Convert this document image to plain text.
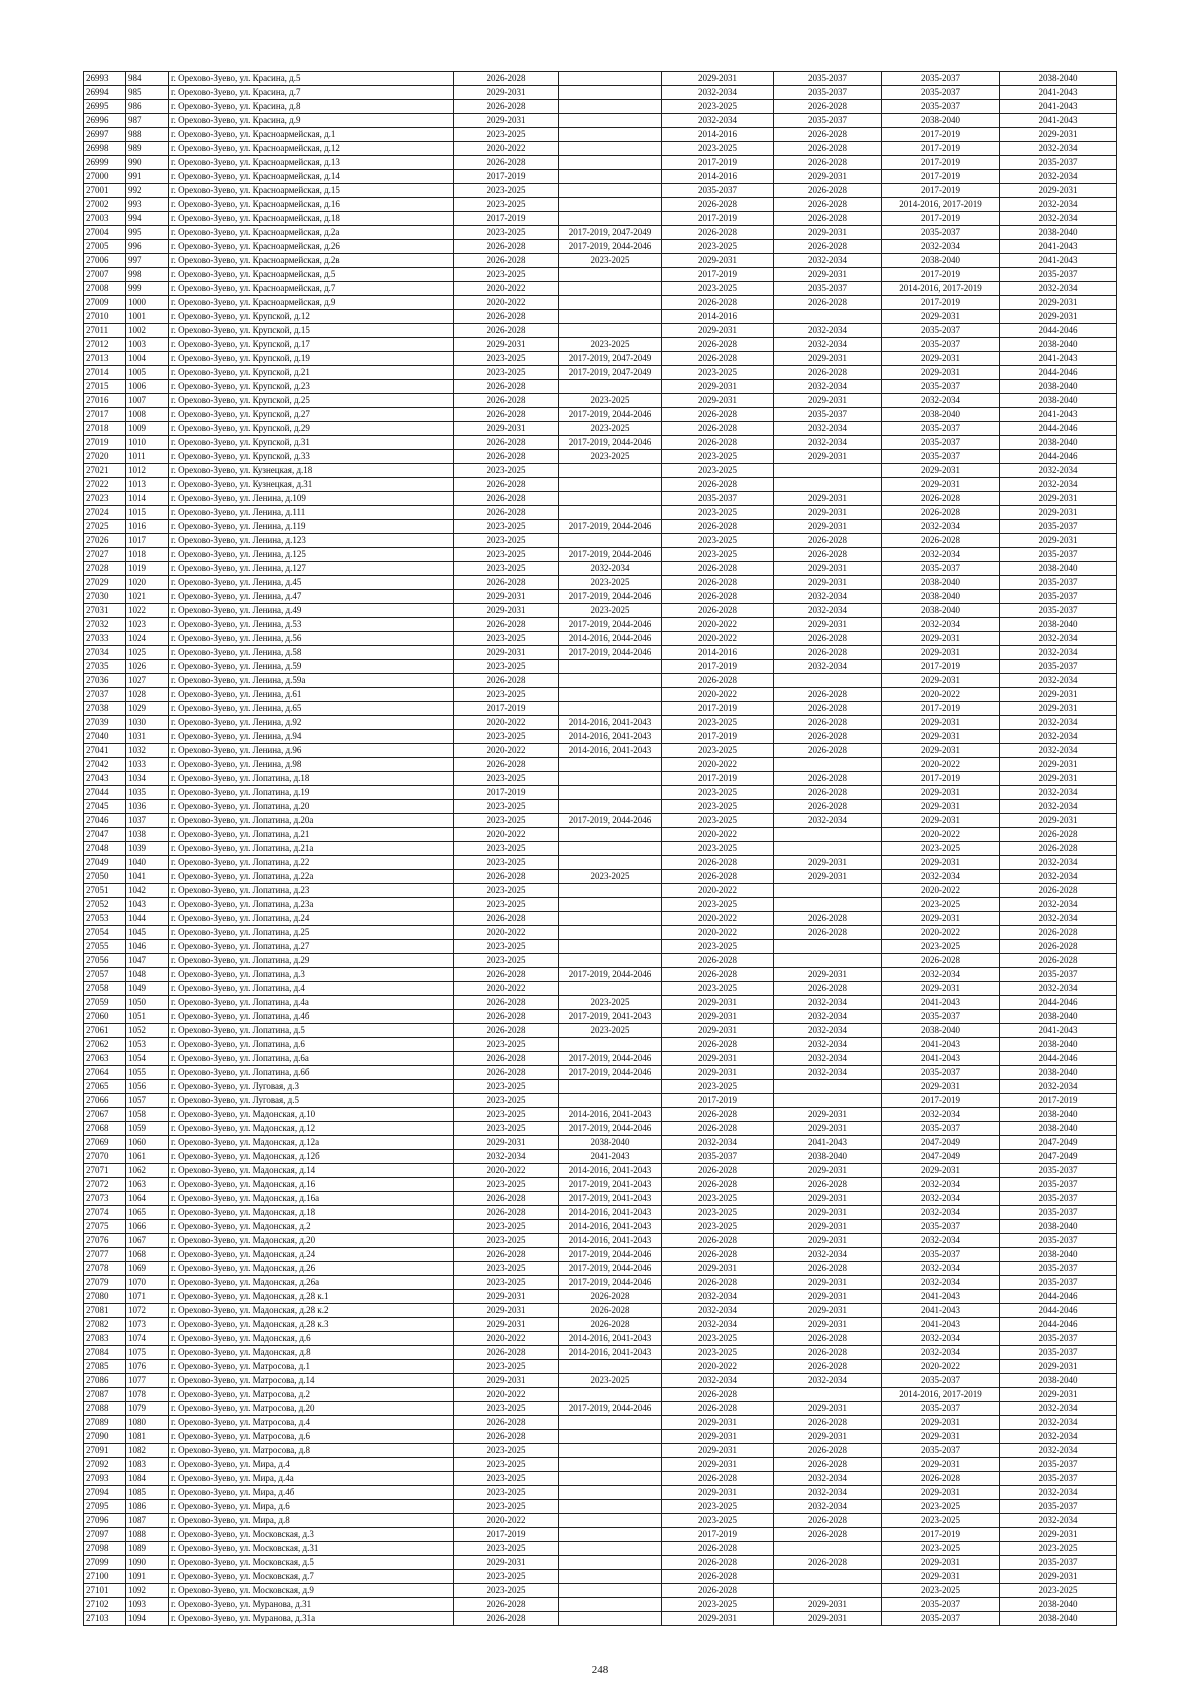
26993	984	г. Орехово-Зуево, ул. Красина, д.5	2026-2028		2029-2031	2035-2037	2035-2037	2038-2040
26994	985	г. Орехово-Зуево, ул. Красина, д.7	2029-2031		2032-2034	2035-2037	2035-2037	2041-2043
26995	986	г. Орехово-Зуево, ул. Красина, д.8	2026-2028		2023-2025	2026-2028	2035-2037	2041-2043
26996	987	г. Орехово-Зуево, ул. Красина, д.9	2029-2031		2032-2034	2035-2037	2038-2040	2041-2043
26997	988	г. Орехово-Зуево, ул. Красноармейская, д.1	2023-2025		2014-2016	2026-2028	2017-2019	2029-2031
26998	989	г. Орехово-Зуево, ул. Красноармейская, д.12	2020-2022		2023-2025	2026-2028	2017-2019	2032-2034
26999	990	г. Орехово-Зуево, ул. Красноармейская, д.13	2026-2028		2017-2019	2026-2028	2017-2019	2035-2037
27000	991	г. Орехово-Зуево, ул. Красноармейская, д.14	2017-2019		2014-2016	2029-2031	2017-2019	2032-2034
27001	992	г. Орехово-Зуево, ул. Красноармейская, д.15	2023-2025		2035-2037	2026-2028	2017-2019	2029-2031
27002	993	г. Орехово-Зуево, ул. Красноармейская, д.16	2023-2025		2026-2028	2026-2028	2014-2016, 2017-2019	2032-2034
27003	994	г. Орехово-Зуево, ул. Красноармейская, д.18	2017-2019		2017-2019	2026-2028	2017-2019	2032-2034
27004	995	г. Орехово-Зуево, ул. Красноармейская, д.2а	2023-2025	2017-2019, 2047-2049	2026-2028	2029-2031	2035-2037	2038-2040
27005	996	г. Орехово-Зуево, ул. Красноармейская, д.26	2026-2028	2017-2019, 2044-2046	2023-2025	2026-2028	2032-2034	2041-2043
27006	997	г. Орехово-Зуево, ул. Красноармейская, д.2в	2026-2028	2023-2025	2029-2031	2032-2034	2038-2040	2041-2043
27007	998	г. Орехово-Зуево, ул. Красноармейская, д.5	2023-2025		2017-2019	2029-2031	2017-2019	2035-2037
27008	999	г. Орехово-Зуево, ул. Красноармейская, д.7	2020-2022		2023-2025	2035-2037	2014-2016, 2017-2019	2032-2034
27009	1000	г. Орехово-Зуево, ул. Красноармейская, д.9	2020-2022		2026-2028	2026-2028	2017-2019	2029-2031
27010	1001	г. Орехово-Зуево, ул. Крупской, д.12	2026-2028		2014-2016		2029-2031	2029-2031
27011	1002	г. Орехово-Зуево, ул. Крупской, д.15	2026-2028		2029-2031	2032-2034	2035-2037	2044-2046
27012	1003	г. Орехово-Зуево, ул. Крупской, д.17	2029-2031	2023-2025	2026-2028	2032-2034	2035-2037	2038-2040
27013	1004	г. Орехово-Зуево, ул. Крупской, д.19	2023-2025	2017-2019, 2047-2049	2026-2028	2029-2031	2029-2031	2041-2043
27014	1005	г. Орехово-Зуево, ул. Крупской, д.21	2023-2025	2017-2019, 2047-2049	2023-2025	2026-2028	2029-2031	2044-2046
27015	1006	г. Орехово-Зуево, ул. Крупской, д.23	2026-2028		2029-2031	2032-2034	2035-2037	2038-2040
27016	1007	г. Орехово-Зуево, ул. Крупской, д.25	2026-2028	2023-2025	2029-2031	2029-2031	2032-2034	2038-2040
27017	1008	г. Орехово-Зуево, ул. Крупской, д.27	2026-2028	2017-2019, 2044-2046	2026-2028	2035-2037	2038-2040	2041-2043
27018	1009	г. Орехово-Зуево, ул. Крупской, д.29	2029-2031	2023-2025	2026-2028	2032-2034	2035-2037	2044-2046
27019	1010	г. Орехово-Зуево, ул. Крупской, д.31	2026-2028	2017-2019, 2044-2046	2026-2028	2032-2034	2035-2037	2038-2040
27020	1011	г. Орехово-Зуево, ул. Крупской, д.33	2026-2028	2023-2025	2023-2025	2029-2031	2035-2037	2044-2046
27021	1012	г. Орехово-Зуево, ул. Кузнецкая, д.18	2023-2025		2023-2025		2029-2031	2032-2034
27022	1013	г. Орехово-Зуево, ул. Кузнецкая, д.31	2026-2028		2026-2028		2029-2031	2032-2034
27023	1014	г. Орехово-Зуево, ул. Ленина, д.109	2026-2028		2035-2037	2029-2031	2026-2028	2029-2031
27024	1015	г. Орехово-Зуево, ул. Ленина, д.111	2026-2028		2023-2025	2029-2031	2026-2028	2029-2031
27025	1016	г. Орехово-Зуево, ул. Ленина, д.119	2023-2025	2017-2019, 2044-2046	2026-2028	2029-2031	2032-2034	2035-2037
27026	1017	г. Орехово-Зуево, ул. Ленина, д.123	2023-2025		2023-2025	2026-2028	2026-2028	2029-2031
27027	1018	г. Орехово-Зуево, ул. Ленина, д.125	2023-2025	2017-2019, 2044-2046	2023-2025	2026-2028	2032-2034	2035-2037
27028	1019	г. Орехово-Зуево, ул. Ленина, д.127	2023-2025	2032-2034	2026-2028	2029-2031	2035-2037	2038-2040
27029	1020	г. Орехово-Зуево, ул. Ленина, д.45	2026-2028	2023-2025	2026-2028	2029-2031	2038-2040	2035-2037
27030	1021	г. Орехово-Зуево, ул. Ленина, д.47	2029-2031	2017-2019, 2044-2046	2026-2028	2032-2034	2038-2040	2035-2037
27031	1022	г. Орехово-Зуево, ул. Ленина, д.49	2029-2031	2023-2025	2026-2028	2032-2034	2038-2040	2035-2037
27032	1023	г. Орехово-Зуево, ул. Ленина, д.53	2026-2028	2017-2019, 2044-2046	2020-2022	2029-2031	2032-2034	2038-2040
27033	1024	г. Орехово-Зуево, ул. Ленина, д.56	2023-2025	2014-2016, 2044-2046	2020-2022	2026-2028	2029-2031	2032-2034
27034	1025	г. Орехово-Зуево, ул. Ленина, д.58	2029-2031	2017-2019, 2044-2046	2014-2016	2026-2028	2029-2031	2032-2034
27035	1026	г. Орехово-Зуево, ул. Ленина, д.59	2023-2025		2017-2019	2032-2034	2017-2019	2035-2037
27036	1027	г. Орехово-Зуево, ул. Ленина, д.59а	2026-2028		2026-2028		2029-2031	2032-2034
27037	1028	г. Орехово-Зуево, ул. Ленина, д.61	2023-2025		2020-2022	2026-2028	2020-2022	2029-2031
27038	1029	г. Орехово-Зуево, ул. Ленина, д.65	2017-2019		2017-2019	2026-2028	2017-2019	2029-2031
27039	1030	г. Орехово-Зуево, ул. Ленина, д.92	2020-2022	2014-2016, 2041-2043	2023-2025	2026-2028	2029-2031	2032-2034
27040	1031	г. Орехово-Зуево, ул. Ленина, д.94	2023-2025	2014-2016, 2041-2043	2017-2019	2026-2028	2029-2031	2032-2034
27041	1032	г. Орехово-Зуево, ул. Ленина, д.96	2020-2022	2014-2016, 2041-2043	2023-2025	2026-2028	2029-2031	2032-2034
27042	1033	г. Орехово-Зуево, ул. Ленина, д.98	2026-2028		2020-2022		2020-2022	2029-2031
27043	1034	г. Орехово-Зуево, ул. Лопатина, д.18	2023-2025		2017-2019	2026-2028	2017-2019	2029-2031
27044	1035	г. Орехово-Зуево, ул. Лопатина, д.19	2017-2019		2023-2025	2026-2028	2029-2031	2032-2034
27045	1036	г. Орехово-Зуево, ул. Лопатина, д.20	2023-2025		2023-2025	2026-2028	2029-2031	2032-2034
27046	1037	г. Орехово-Зуево, ул. Лопатина, д.20а	2023-2025	2017-2019, 2044-2046	2023-2025	2032-2034	2029-2031	2029-2031
27047	1038	г. Орехово-Зуево, ул. Лопатина, д.21	2020-2022		2020-2022		2020-2022	2026-2028
27048	1039	г. Орехово-Зуево, ул. Лопатина, д.21а	2023-2025		2023-2025		2023-2025	2026-2028
27049	1040	г. Орехово-Зуево, ул. Лопатина, д.22	2023-2025		2026-2028	2029-2031	2029-2031	2032-2034
27050	1041	г. Орехово-Зуево, ул. Лопатина, д.22а	2026-2028	2023-2025	2026-2028	2029-2031	2032-2034	2032-2034
27051	1042	г. Орехово-Зуево, ул. Лопатина, д.23	2023-2025		2020-2022		2020-2022	2026-2028
27052	1043	г. Орехово-Зуево, ул. Лопатина, д.23а	2023-2025		2023-2025		2023-2025	2032-2034
27053	1044	г. Орехово-Зуево, ул. Лопатина, д.24	2026-2028		2020-2022	2026-2028	2029-2031	2032-2034
27054	1045	г. Орехово-Зуево, ул. Лопатина, д.25	2020-2022		2020-2022	2026-2028	2020-2022	2026-2028
27055	1046	г. Орехово-Зуево, ул. Лопатина, д.27	2023-2025		2023-2025		2023-2025	2026-2028
27056	1047	г. Орехово-Зуево, ул. Лопатина, д.29	2023-2025		2026-2028		2026-2028	2026-2028
27057	1048	г. Орехово-Зуево, ул. Лопатина, д.3	2026-2028	2017-2019, 2044-2046	2026-2028	2029-2031	2032-2034	2035-2037
27058	1049	г. Орехово-Зуево, ул. Лопатина, д.4	2020-2022		2023-2025	2026-2028	2029-2031	2032-2034
27059	1050	г. Орехово-Зуево, ул. Лопатина, д.4а	2026-2028	2023-2025	2029-2031	2032-2034	2041-2043	2044-2046
27060	1051	г. Орехово-Зуево, ул. Лопатина, д.4б	2026-2028	2017-2019, 2041-2043	2029-2031	2032-2034	2035-2037	2038-2040
27061	1052	г. Орехово-Зуево, ул. Лопатина, д.5	2026-2028	2023-2025	2029-2031	2032-2034	2038-2040	2041-2043
27062	1053	г. Орехово-Зуево, ул. Лопатина, д.6	2023-2025		2026-2028	2032-2034	2041-2043	2038-2040
27063	1054	г. Орехово-Зуево, ул. Лопатина, д.6а	2026-2028	2017-2019, 2044-2046	2029-2031	2032-2034	2041-2043	2044-2046
27064	1055	г. Орехово-Зуево, ул. Лопатина, д.6б	2026-2028	2017-2019, 2044-2046	2029-2031	2032-2034	2035-2037	2038-2040
27065	1056	г. Орехово-Зуево, ул. Луговая, д.3	2023-2025		2023-2025		2029-2031	2032-2034
27066	1057	г. Орехово-Зуево, ул. Луговая, д.5	2023-2025		2017-2019		2017-2019	2017-2019
27067	1058	г. Орехово-Зуево, ул. Мадонская, д.10	2023-2025	2014-2016, 2041-2043	2026-2028	2029-2031	2032-2034	2038-2040
27068	1059	г. Орехово-Зуево, ул. Мадонская, д.12	2023-2025	2017-2019, 2044-2046	2026-2028	2029-2031	2035-2037	2038-2040
27069	1060	г. Орехово-Зуево, ул. Мадонская, д.12а	2029-2031	2038-2040	2032-2034	2041-2043	2047-2049	2047-2049
27070	1061	г. Орехово-Зуево, ул. Мадонская, д.12б	2032-2034	2041-2043	2035-2037	2038-2040	2047-2049	2047-2049
27071	1062	г. Орехово-Зуево, ул. Мадонская, д.14	2020-2022	2014-2016, 2041-2043	2026-2028	2029-2031	2029-2031	2035-2037
27072	1063	г. Орехово-Зуево, ул. Мадонская, д.16	2023-2025	2017-2019, 2041-2043	2026-2028	2026-2028	2032-2034	2035-2037
27073	1064	г. Орехово-Зуево, ул. Мадонская, д.16а	2026-2028	2017-2019, 2041-2043	2023-2025	2029-2031	2032-2034	2035-2037
27074	1065	г. Орехово-Зуево, ул. Мадонская, д.18	2026-2028	2014-2016, 2041-2043	2023-2025	2029-2031	2032-2034	2035-2037
27075	1066	г. Орехово-Зуево, ул. Мадонская, д.2	2023-2025	2014-2016, 2041-2043	2023-2025	2029-2031	2035-2037	2038-2040
27076	1067	г. Орехово-Зуево, ул. Мадонская, д.20	2023-2025	2014-2016, 2041-2043	2026-2028	2029-2031	2032-2034	2035-2037
27077	1068	г. Орехово-Зуево, ул. Мадонская, д.24	2026-2028	2017-2019, 2044-2046	2026-2028	2032-2034	2035-2037	2038-2040
27078	1069	г. Орехово-Зуево, ул. Мадонская, д.26	2023-2025	2017-2019, 2044-2046	2029-2031	2026-2028	2032-2034	2035-2037
27079	1070	г. Орехово-Зуево, ул. Мадонская, д.26а	2023-2025	2017-2019, 2044-2046	2026-2028	2029-2031	2032-2034	2035-2037
27080	1071	г. Орехово-Зуево, ул. Мадонская, д.28 к.1	2029-2031	2026-2028	2032-2034	2029-2031	2041-2043	2044-2046
27081	1072	г. Орехово-Зуево, ул. Мадонская, д.28 к.2	2029-2031	2026-2028	2032-2034	2029-2031	2041-2043	2044-2046
27082	1073	г. Орехово-Зуево, ул. Мадонская, д.28 к.3	2029-2031	2026-2028	2032-2034	2029-2031	2041-2043	2044-2046
27083	1074	г. Орехово-Зуево, ул. Мадонская, д.6	2020-2022	2014-2016, 2041-2043	2023-2025	2026-2028	2032-2034	2035-2037
27084	1075	г. Орехово-Зуево, ул. Мадонская, д.8	2026-2028	2014-2016, 2041-2043	2023-2025	2026-2028	2032-2034	2035-2037
27085	1076	г. Орехово-Зуево, ул. Матросова, д.1	2023-2025		2020-2022	2026-2028	2020-2022	2029-2031
27086	1077	г. Орехово-Зуево, ул. Матросова, д.14	2029-2031	2023-2025	2032-2034	2032-2034	2035-2037	2038-2040
27087	1078	г. Орехово-Зуево, ул. Матросова, д.2	2020-2022		2026-2028		2014-2016, 2017-2019	2029-2031
27088	1079	г. Орехово-Зуево, ул. Матросова, д.20	2023-2025	2017-2019, 2044-2046	2026-2028	2029-2031	2035-2037	2032-2034
27089	1080	г. Орехово-Зуево, ул. Матросова, д.4	2026-2028		2029-2031	2026-2028	2029-2031	2032-2034
27090	1081	г. Орехово-Зуево, ул. Матросова, д.6	2026-2028		2029-2031	2029-2031	2029-2031	2032-2034
27091	1082	г. Орехово-Зуево, ул. Матросова, д.8	2023-2025		2029-2031	2026-2028	2035-2037	2032-2034
27092	1083	г. Орехово-Зуево, ул. Мира, д.4	2023-2025		2029-2031	2026-2028	2029-2031	2035-2037
27093	1084	г. Орехово-Зуево, ул. Мира, д.4а	2023-2025		2026-2028	2032-2034	2026-2028	2035-2037
27094	1085	г. Орехово-Зуево, ул. Мира, д.4б	2023-2025		2029-2031	2032-2034	2029-2031	2032-2034
27095	1086	г. Орехово-Зуево, ул. Мира, д.6	2023-2025		2023-2025	2032-2034	2023-2025	2035-2037
27096	1087	г. Орехово-Зуево, ул. Мира, д.8	2020-2022		2023-2025	2026-2028	2023-2025	2032-2034
27097	1088	г. Орехово-Зуево, ул. Московская, д.3	2017-2019		2017-2019	2026-2028	2017-2019	2029-2031
27098	1089	г. Орехово-Зуево, ул. Московская, д.31	2023-2025		2026-2028		2023-2025	2023-2025
27099	1090	г. Орехово-Зуево, ул. Московская, д.5	2029-2031		2026-2028	2026-2028	2029-2031	2035-2037
27100	1091	г. Орехово-Зуево, ул. Московская, д.7	2023-2025		2026-2028		2029-2031	2029-2031
27101	1092	г. Орехово-Зуево, ул. Московская, д.9	2023-2025		2026-2028		2023-2025	2023-2025
27102	1093	г. Орехово-Зуево, ул. Муранова, д.31	2026-2028		2023-2025	2029-2031	2035-2037	2038-2040
27103	1094	г. Орехово-Зуево, ул. Муранова, д.31а	2026-2028		2029-2031	2029-2031	2035-2037	2038-2040
248
